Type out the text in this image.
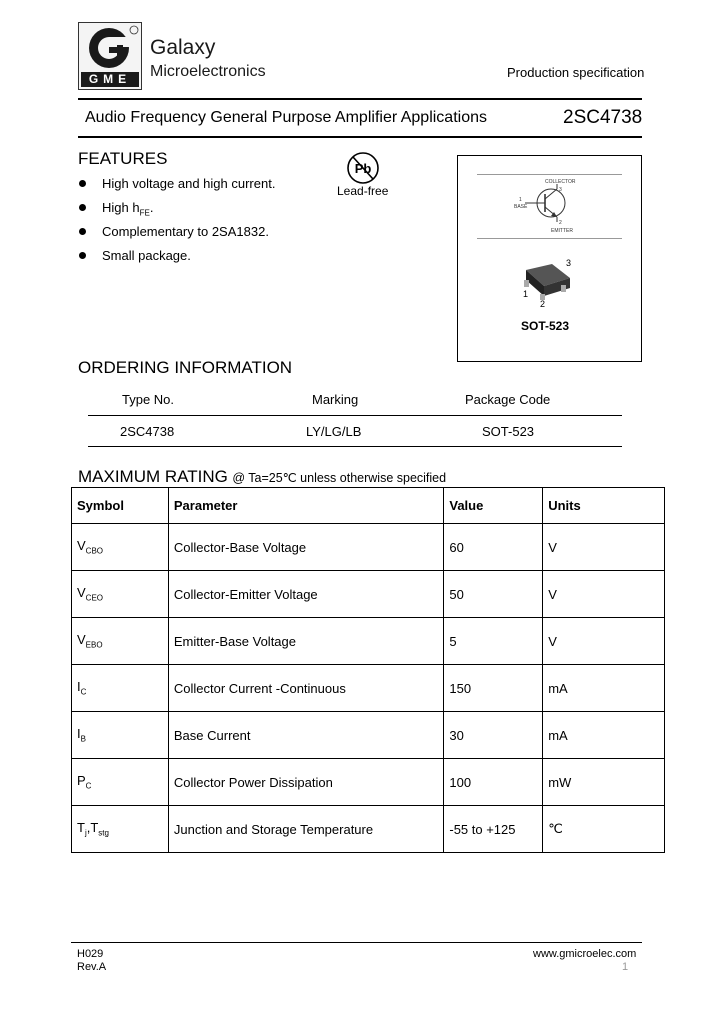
GME
Galaxy
Microelectronics	Production specification
Audio Frequency General Purpose Amplifier Applications	2SC4738
FEATURES
High voltage and high current.
High $h_{FE}$.
Complementary to 2SA1832.
Small package.
Pb
Lead-free
COLLECTOR
3
BASE
1
2
EMITTER
3
1
2
SOT-523
ORDERING INFORMATION
Type No.	Marking	Package Code
2SC4738	LY/LG/LB	SOT-523
MAXIMUM RATING @ Ta=25℃ unless otherwise specified
Symbol	Parameter	Value	Units
$V_{CBO}$	Collector-Base Voltage	60	V
$V_{CEO}$	Collector-Emitter Voltage	50	V
$V_{EBO}$	Emitter-Base Voltage	5	V
$I_C$	Collector Current -Continuous	150	mA
$I_B$	Base Current	30	mA
$P_C$	Collector Power Dissipation	100	mW
$T_j,T_{stg}$	Junction and Storage Temperature	-55 to +125	℃
H029
Rev.A
www.gmicroelec.com
1
